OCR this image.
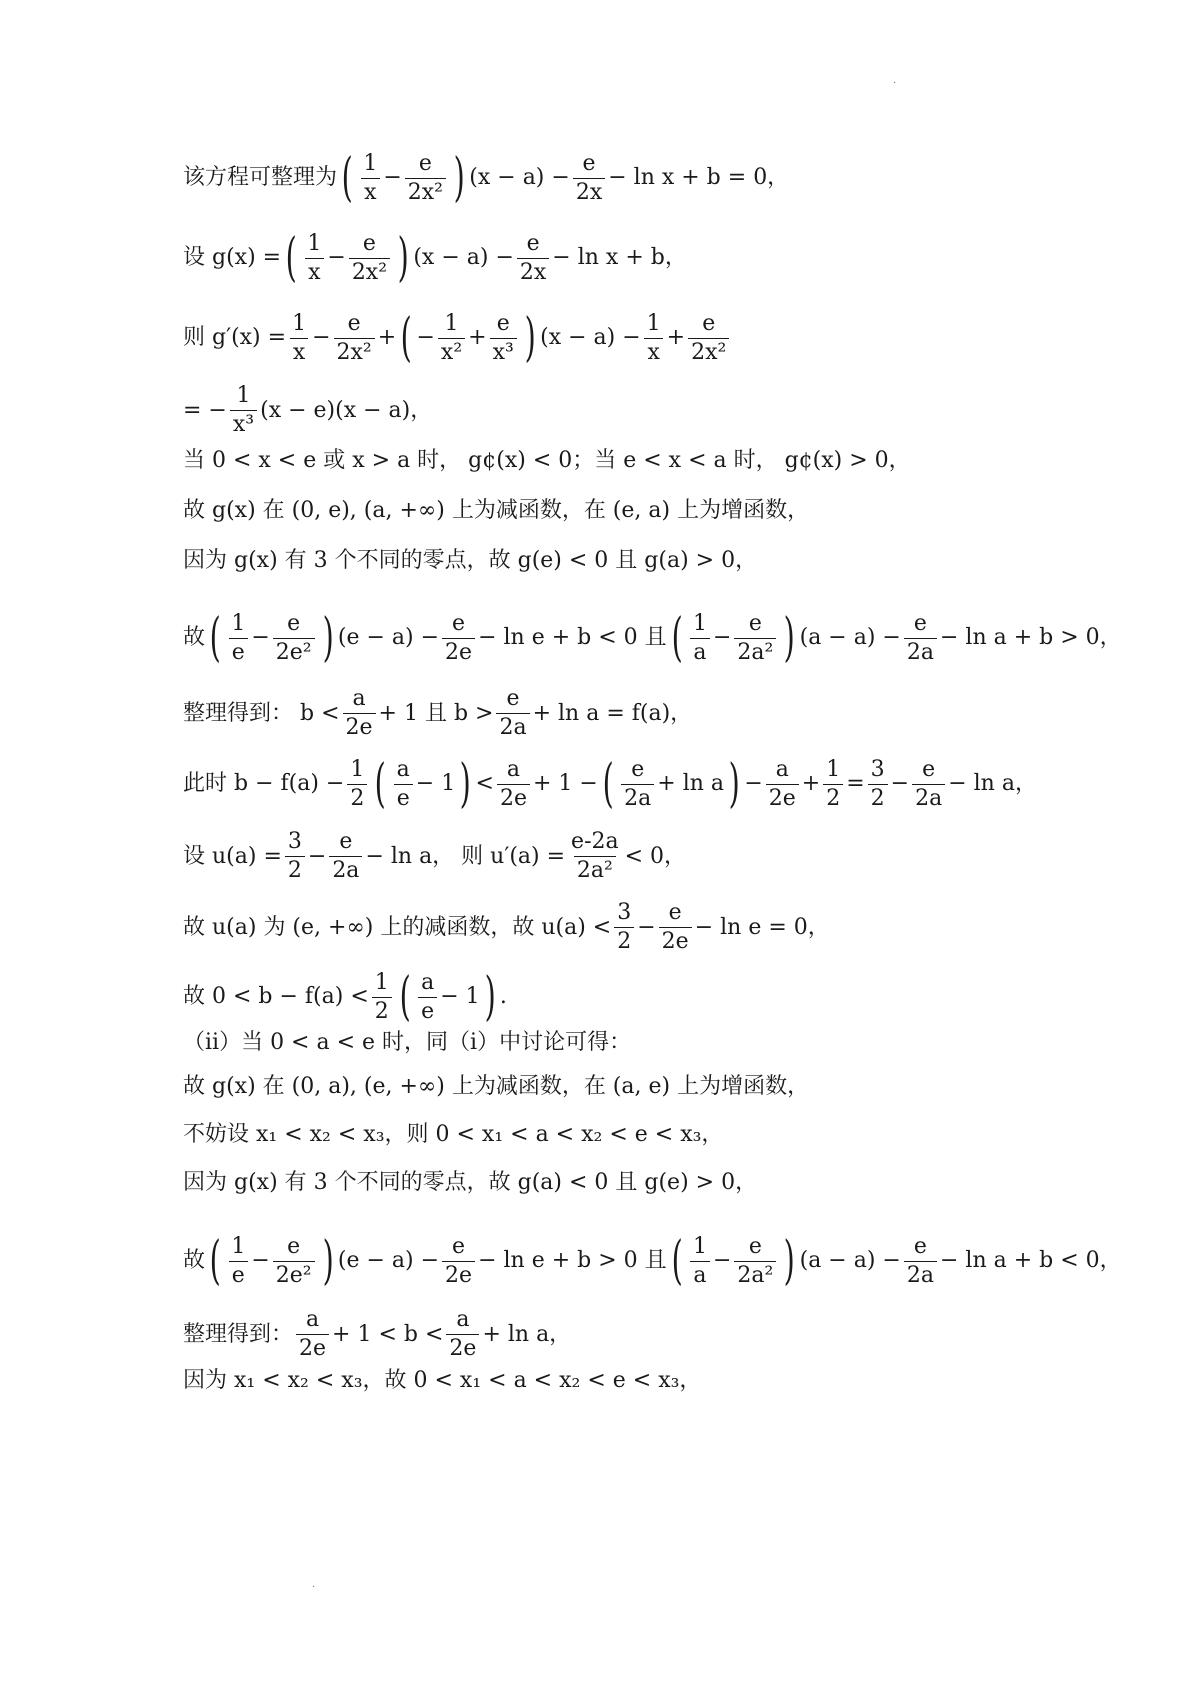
该方程可整理为 ( $\frac{1}{x} - \frac{e}{\text{2x²}}$ ) $(x - a) - \frac{e}{2x} - \ln x + b = 0$，
设 g(x) = ( $\frac{1}{x} - \frac{e}{\text{2x²}}$ ) $(x - a) - \frac{e}{2x} - \ln x + b$，
则 $g'(x) = \frac{1}{x} - \frac{e}{\text{2x²}}$ + ( − $\frac{1}{\text{x²}} + \frac{e}{\text{x³}}$ ) $(x - a) - \frac{1}{x} + \frac{e}{\text{2x²}}$
= − $\frac{1}{\text{x³}} (x - e)(x - a)$，
当 0 < x < e 或 x > a 时， g¢(x) < 0；当 e < x < a 时， g¢(x) > 0，
故 g(x) 在 (0, e), (a, +∞) 上为减函数，在 (e, a) 上为增函数，
因为 g(x) 有 3 个不同的零点，故 g(e) < 0 且 g(a) > 0，
故 ( $\frac{1}{e} - \frac{e}{\text{2e²}}$ ) $(e - a) - \frac{e}{2e} - \ln e + b < 0$ 且 ( $\frac{1}{a} - \frac{e}{\text{2a²}}$ ) $(a - a) - \frac{e}{2a} - \ln a + b > 0$，
整理得到： $b < \frac{a}{2e} + 1$ 且 $b > \frac{e}{2a} + \ln a = f(a)$，
此时 $b - f(a) - \frac{1}{2}$ ( $\frac{a}{e} - 1$ ) < $\frac{a}{2e} + 1$ − ( $\frac{e}{2a} + \ln a$ ) − $\frac{a}{2e} + \frac{1}{2} = \frac{3}{2} - \frac{e}{2a} - \ln a$，
设 $u(a) = \frac{3}{2} - \frac{e}{2a} - \ln a$， 则 $u'(a) = \frac{e-2a}{\text{2a²}} < 0$，
故 u(a) 为 (e, +∞) 上的减函数，故 $u(a) < \frac{3}{2} - \frac{e}{2e} - \ln e = 0$，
故 $0 < b - f(a) < \frac{1}{2}$ ( $\frac{a}{e} - 1$ ) .
（ⅱ）当 0 < a < e 时，同（ⅰ）中讨论可得：
故 g(x) 在 (0, a), (e, +∞) 上为减函数，在 (a, e) 上为增函数，
不妨设 x₁ < x₂ < x₃，则 0 < x₁ < a < x₂ < e < x₃，
因为 g(x) 有 3 个不同的零点，故 g(a) < 0 且 g(e) > 0，
故 ( $\frac{1}{e} - \frac{e}{\text{2e²}}$ ) $(e - a) - \frac{e}{2e} - \ln e + b > 0$ 且 ( $\frac{1}{a} - \frac{e}{\text{2a²}}$ ) $(a - a) - \frac{e}{2a} - \ln a + b < 0$，
整理得到： $\frac{a}{2e} + 1 < b < \frac{a}{2e} + \ln a$，
因为 x₁ < x₂ < x₃，故 0 < x₁ < a < x₂ < e < x₃，
·
·
